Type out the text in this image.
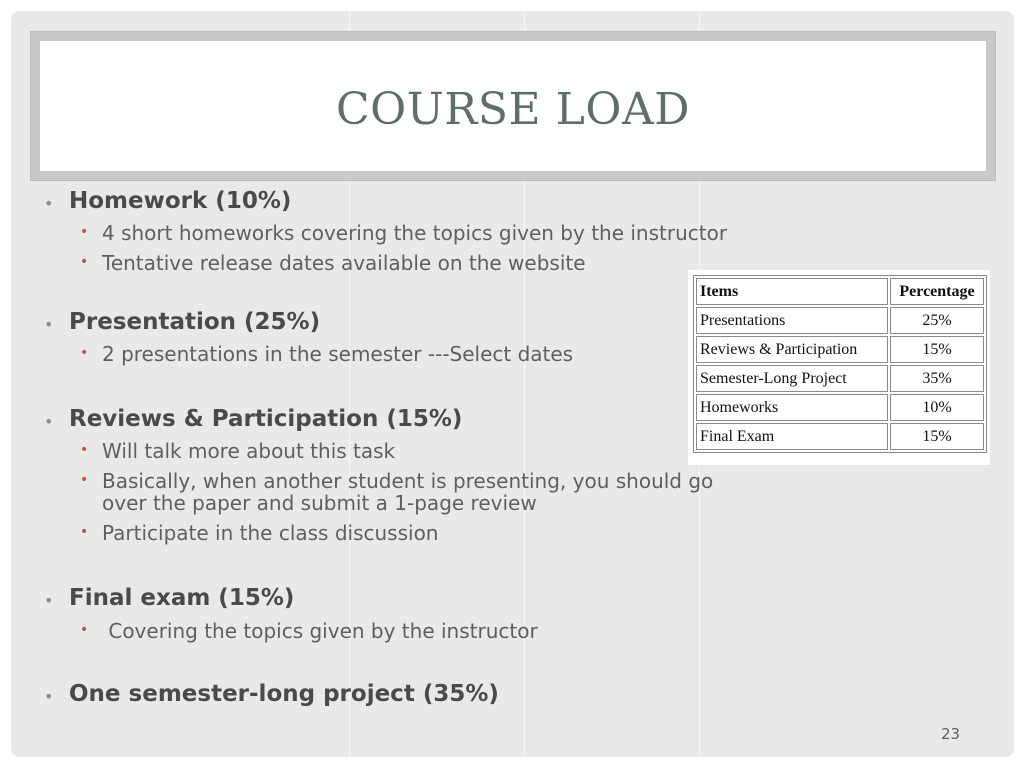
COURSE LOAD
• Homework (10%)
• 4 short homeworks covering the topics given by the instructor
• Tentative release dates available on the website
• Presentation (25%)
• 2 presentations in the semester ---Select dates
• Reviews & Participation (15%)
• Will talk more about this task
• Basically, when another student is presenting, you should go
over the paper and submit a 1-page review
• Participate in the class discussion
• Final exam (15%)
• Covering the topics given by the instructor
• One semester-long project (35%)
Items	Percentage
Presentations	25%
Reviews & Participation	15%
Semester-Long Project	35%
Homeworks	10%
Final Exam	15%
23
